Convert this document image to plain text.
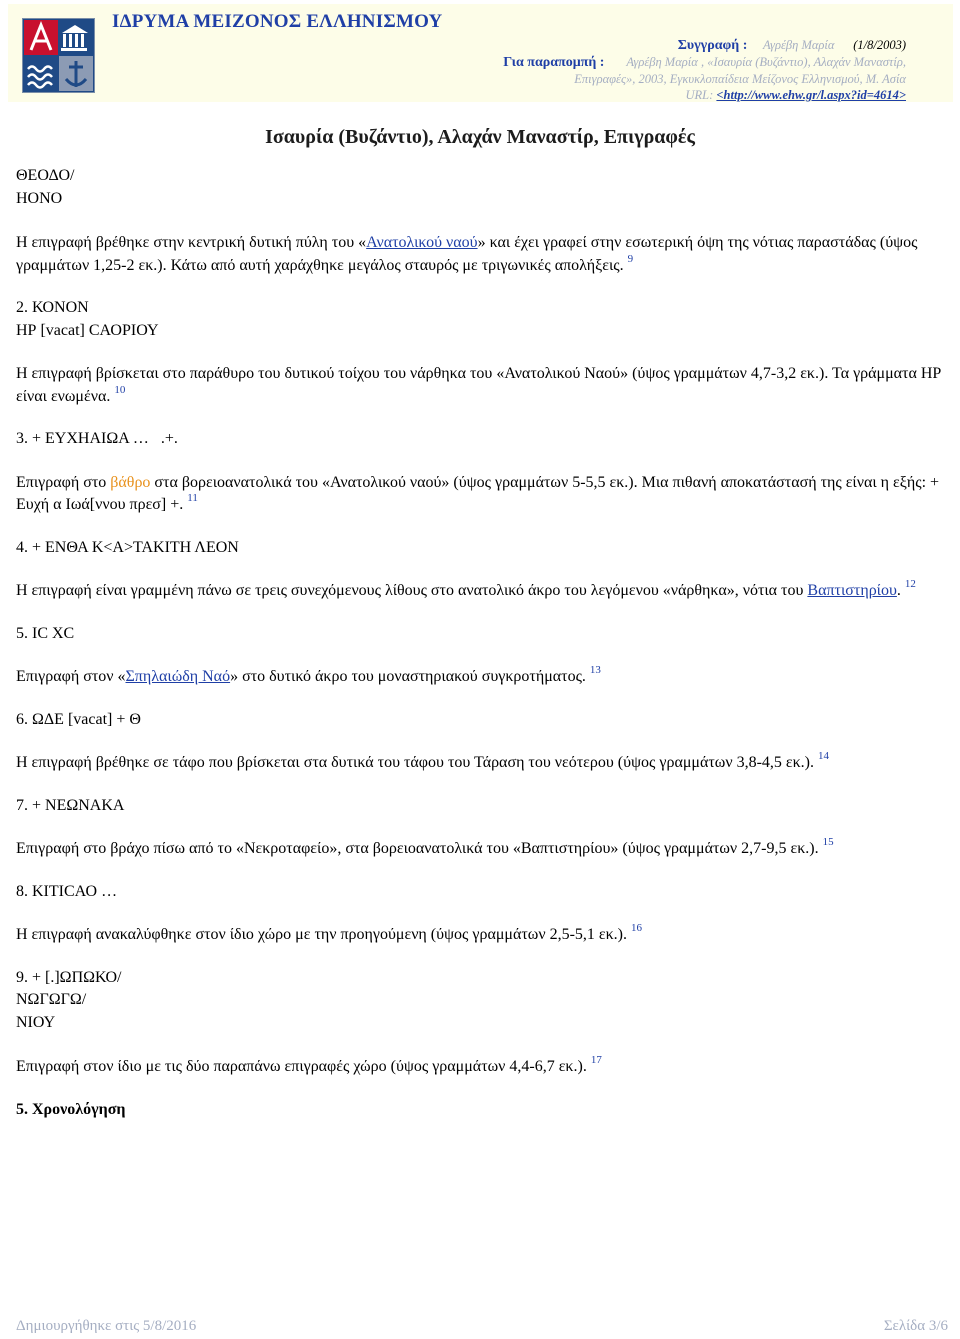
ΙΔΡΥΜΑ ΜΕΙΖΟΝΟΣ ΕΛΛΗΝΙΣΜΟΥ
Συγγραφή : Αγρέβη Μαρία (1/8/2003)
Για παραπομπή : Αγρέβη Μαρία , «Ισαυρία (Βυζάντιο), Αλαχάν Μαναστίρ,
Επιγραφές», 2003, Εγκυκλοπαίδεια Μείζονος Ελληνισμού, Μ. Ασία
URL: <http://www.ehw.gr/l.aspx?id=4614>
Ισαυρία (Βυζάντιο), Αλαχάν Μαναστίρ, Επιγραφές

ΘΕΟΔΟ/
ΗΟΝΟ

Η επιγραφή βρέθηκε στην κεντρική δυτική πύλη του «Ανατολικού ναού» και έχει γραφεί στην εσωτερική όψη της νότιας παραστάδας (ύψος γραμμάτων 1,25-2 εκ.). Κάτω από αυτή χαράχθηκε μεγάλος σταυρός με τριγωνικές απολήξεις. $^9$

2. ΚΟΝΟΝ
ΗΡ [vacat] CΑΟΡΙΟΥ

Η επιγραφή βρίσκεται στο παράθυρο του δυτικού τοίχου του νάρθηκα του «Ανατολικού Ναού» (ύψος γραμμάτων 4,7-3,2 εκ.). Τα γράμματα ΗΡ είναι ενωμένα. $^{10}$

3. + ΕΥΧΗΑΙΩΑ …   .+.

Επιγραφή στο βάθρο στα βορειοανατολικά του «Ανατολικού ναού» (ύψος γραμμάτων 5-5,5 εκ.). Μια πιθανή αποκατάστασή της είναι η εξής: + Ευχή α Ιωά[ννου πρεσ] +. $^{11}$

4. + ΕΝΘΑ Κ<Α>ΤΑΚΙΤΗ ΛΕΟΝ

Η επιγραφή είναι γραμμένη πάνω σε τρεις συνεχόμενους λίθους στο ανατολικό άκρο του λεγόμενου «νάρθηκα», νότια του Βαπτιστηρίου. $^{12}$

5. IC XC

Επιγραφή στον «Σπηλαιώδη Ναό» στο δυτικό άκρο του μοναστηριακού συγκροτήματος. $^{13}$

6. ΩΔΕ [vacat] + Θ

Η επιγραφή βρέθηκε σε τάφο που βρίσκεται στα δυτικά του τάφου του Τάραση του νεότερου (ύψος γραμμάτων 3,8-4,5 εκ.). $^{14}$

7. + ΝΕΩΝΑΚΑ

Επιγραφή στο βράχο πίσω από το «Νεκροταφείο», στα βορειοανατολικά του «Βαπτιστηρίου» (ύψος γραμμάτων 2,7-9,5 εκ.). $^{15}$

8. ΚΙΤΙCΑΟ …

Η επιγραφή ανακαλύφθηκε στον ίδιο χώρο με την προηγούμενη (ύψος γραμμάτων 2,5-5,1 εκ.). $^{16}$

9. + [.]ΩΠΩΚΟ/
ΝΩΓΩΓΩ/
ΝΙΟΥ

Επιγραφή στον ίδιο με τις δύο παραπάνω επιγραφές χώρο (ύψος γραμμάτων 4,4-6,7 εκ.). $^{17}$

5. Χρονολόγηση

Δημιουργήθηκε στις 5/8/2016	Σελίδα 3/6
